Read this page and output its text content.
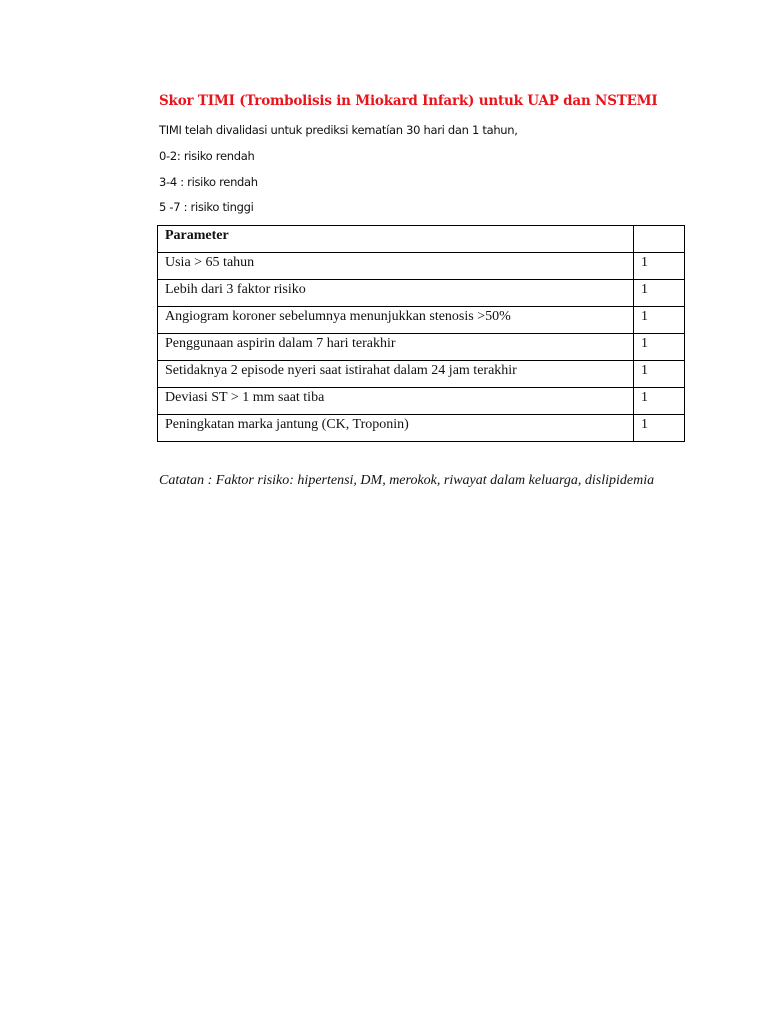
Skor TIMI (Trombolisis in Miokard Infark) untuk UAP dan NSTEMI
TIMI telah divalidasi untuk prediksi kematían 30 hari dan 1 tahun,
0-2: risiko rendah
3-4 : risiko rendah
5 -7 : risiko tinggi
Parameter	
Usia > 65 tahun	1
Lebih dari 3 faktor risiko	1
Angiogram koroner sebelumnya menunjukkan stenosis >50%	1
Penggunaan aspirin dalam 7 hari terakhir	1
Setidaknya 2 episode nyeri saat istirahat dalam 24 jam terakhir	1
Deviasi ST > 1 mm saat tiba	1
Peningkatan marka jantung (CK, Troponin)	1
Catatan : Faktor risiko: hipertensi, DM, merokok, riwayat dalam keluarga, dislipidemia
